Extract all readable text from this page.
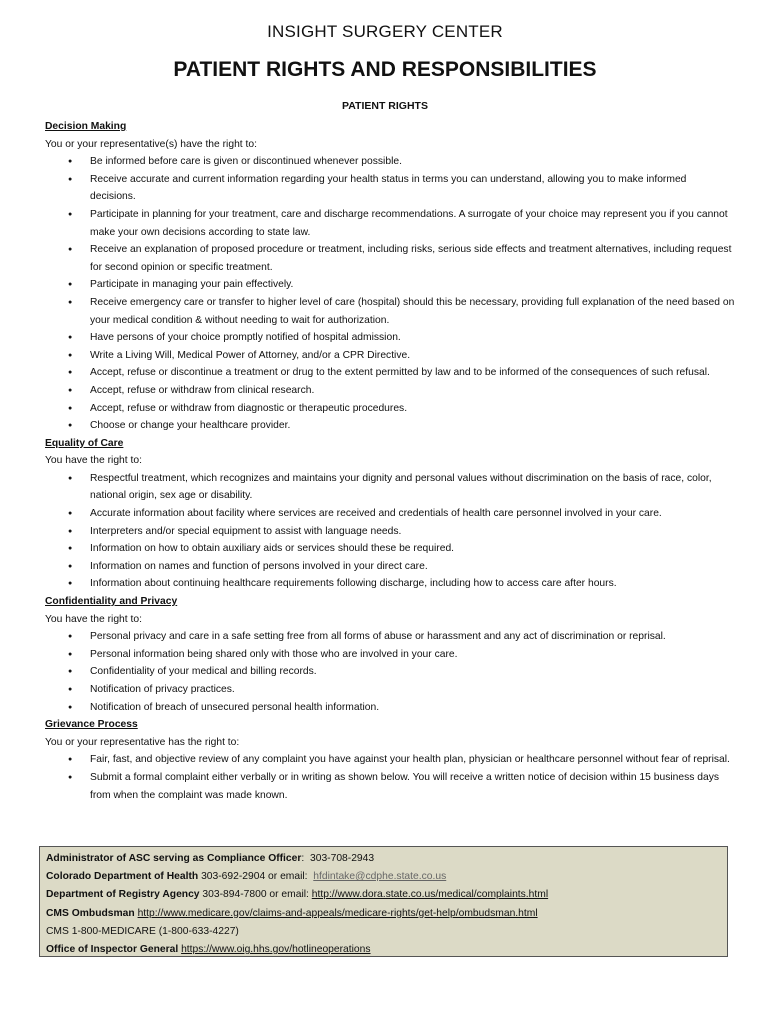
INSIGHT SURGERY CENTER
PATIENT RIGHTS AND RESPONSIBILITIES
PATIENT RIGHTS
Decision Making
You or your representative(s) have the right to:
● Be informed before care is given or discontinued whenever possible.
● Receive accurate and current information regarding your health status in terms you can understand, allowing you to make informed decisions.
● Participate in planning for your treatment, care and discharge recommendations. A surrogate of your choice may represent you if you cannot make your own decisions according to state law.
● Receive an explanation of proposed procedure or treatment, including risks, serious side effects and treatment alternatives, including request for second opinion or specific treatment.
● Participate in managing your pain effectively.
● Receive emergency care or transfer to higher level of care (hospital) should this be necessary, providing full explanation of the need based on your medical condition & without needing to wait for authorization.
● Have persons of your choice promptly notified of hospital admission.
● Write a Living Will, Medical Power of Attorney, and/or a CPR Directive.
● Accept, refuse or discontinue a treatment or drug to the extent permitted by law and to be informed of the consequences of such refusal.
● Accept, refuse or withdraw from clinical research.
● Accept, refuse or withdraw from diagnostic or therapeutic procedures.
● Choose or change your healthcare provider.
Equality of Care
You have the right to:
● Respectful treatment, which recognizes and maintains your dignity and personal values without discrimination on the basis of race, color, national origin, sex age or disability.
● Accurate information about facility where services are received and credentials of health care personnel involved in your care.
● Interpreters and/or special equipment to assist with language needs.
● Information on how to obtain auxiliary aids or services should these be required.
● Information on names and function of persons involved in your direct care.
● Information about continuing healthcare requirements following discharge, including how to access care after hours.
Confidentiality and Privacy
You have the right to:
● Personal privacy and care in a safe setting free from all forms of abuse or harassment and any act of discrimination or reprisal.
● Personal information being shared only with those who are involved in your care.
● Confidentiality of your medical and billing records.
● Notification of privacy practices.
● Notification of breach of unsecured personal health information.
Grievance Process
You or your representative has the right to:
● Fair, fast, and objective review of any complaint you have against your health plan, physician or healthcare personnel without fear of reprisal.
● Submit a formal complaint either verbally or in writing as shown below. You will receive a written notice of decision within 15 business days from when the complaint was made known.
Administrator of ASC serving as Compliance Officer:  303-708-2943
Colorado Department of Health 303-692-2904 or email: hfdintake@cdphe.state.co.us
Department of Registry Agency 303-894-7800 or email: http://www.dora.state.co.us/medical/complaints.html
CMS Ombudsman http://www.medicare.gov/claims-and-appeals/medicare-rights/get-help/ombudsman.html
CMS 1-800-MEDICARE (1-800-633-4227)
Office of Inspector General https://www.oig.hhs.gov/hotlineoperations
